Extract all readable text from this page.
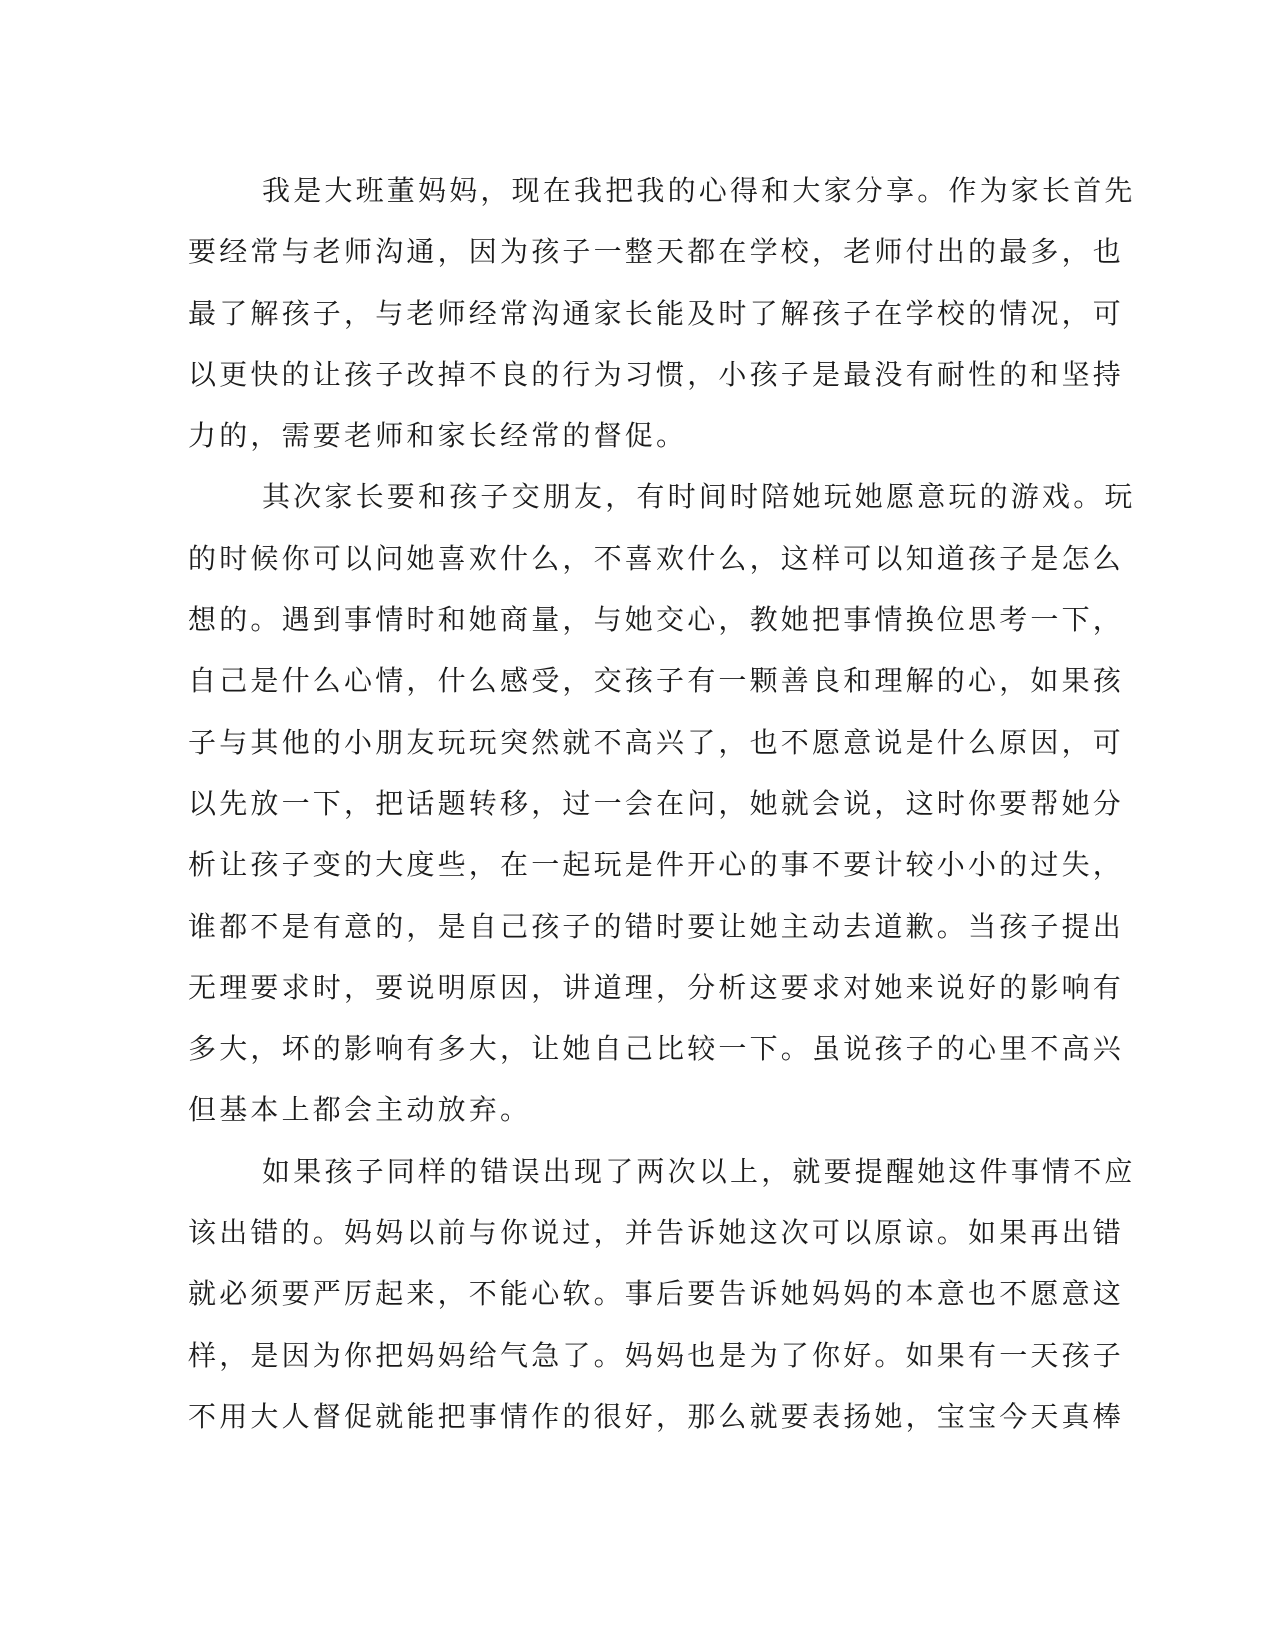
我是大班董妈妈，现在我把我的心得和大家分享。作为家长首先
要经常与老师沟通，因为孩子一整天都在学校，老师付出的最多，也
最了解孩子，与老师经常沟通家长能及时了解孩子在学校的情况，可
以更快的让孩子改掉不良的行为习惯，小孩子是最没有耐性的和坚持
力的，需要老师和家长经常的督促。
其次家长要和孩子交朋友，有时间时陪她玩她愿意玩的游戏。玩
的时候你可以问她喜欢什么，不喜欢什么，这样可以知道孩子是怎么
想的。遇到事情时和她商量，与她交心，教她把事情换位思考一下，
自己是什么心情，什么感受，交孩子有一颗善良和理解的心，如果孩
子与其他的小朋友玩玩突然就不高兴了，也不愿意说是什么原因，可
以先放一下，把话题转移，过一会在问，她就会说，这时你要帮她分
析让孩子变的大度些，在一起玩是件开心的事不要计较小小的过失，
谁都不是有意的，是自己孩子的错时要让她主动去道歉。当孩子提出
无理要求时，要说明原因，讲道理，分析这要求对她来说好的影响有
多大，坏的影响有多大，让她自己比较一下。虽说孩子的心里不高兴
但基本上都会主动放弃。
如果孩子同样的错误出现了两次以上，就要提醒她这件事情不应
该出错的。妈妈以前与你说过，并告诉她这次可以原谅。如果再出错
就必须要严厉起来，不能心软。事后要告诉她妈妈的本意也不愿意这
样，是因为你把妈妈给气急了。妈妈也是为了你好。如果有一天孩子
不用大人督促就能把事情作的很好，那么就要表扬她，宝宝今天真棒
